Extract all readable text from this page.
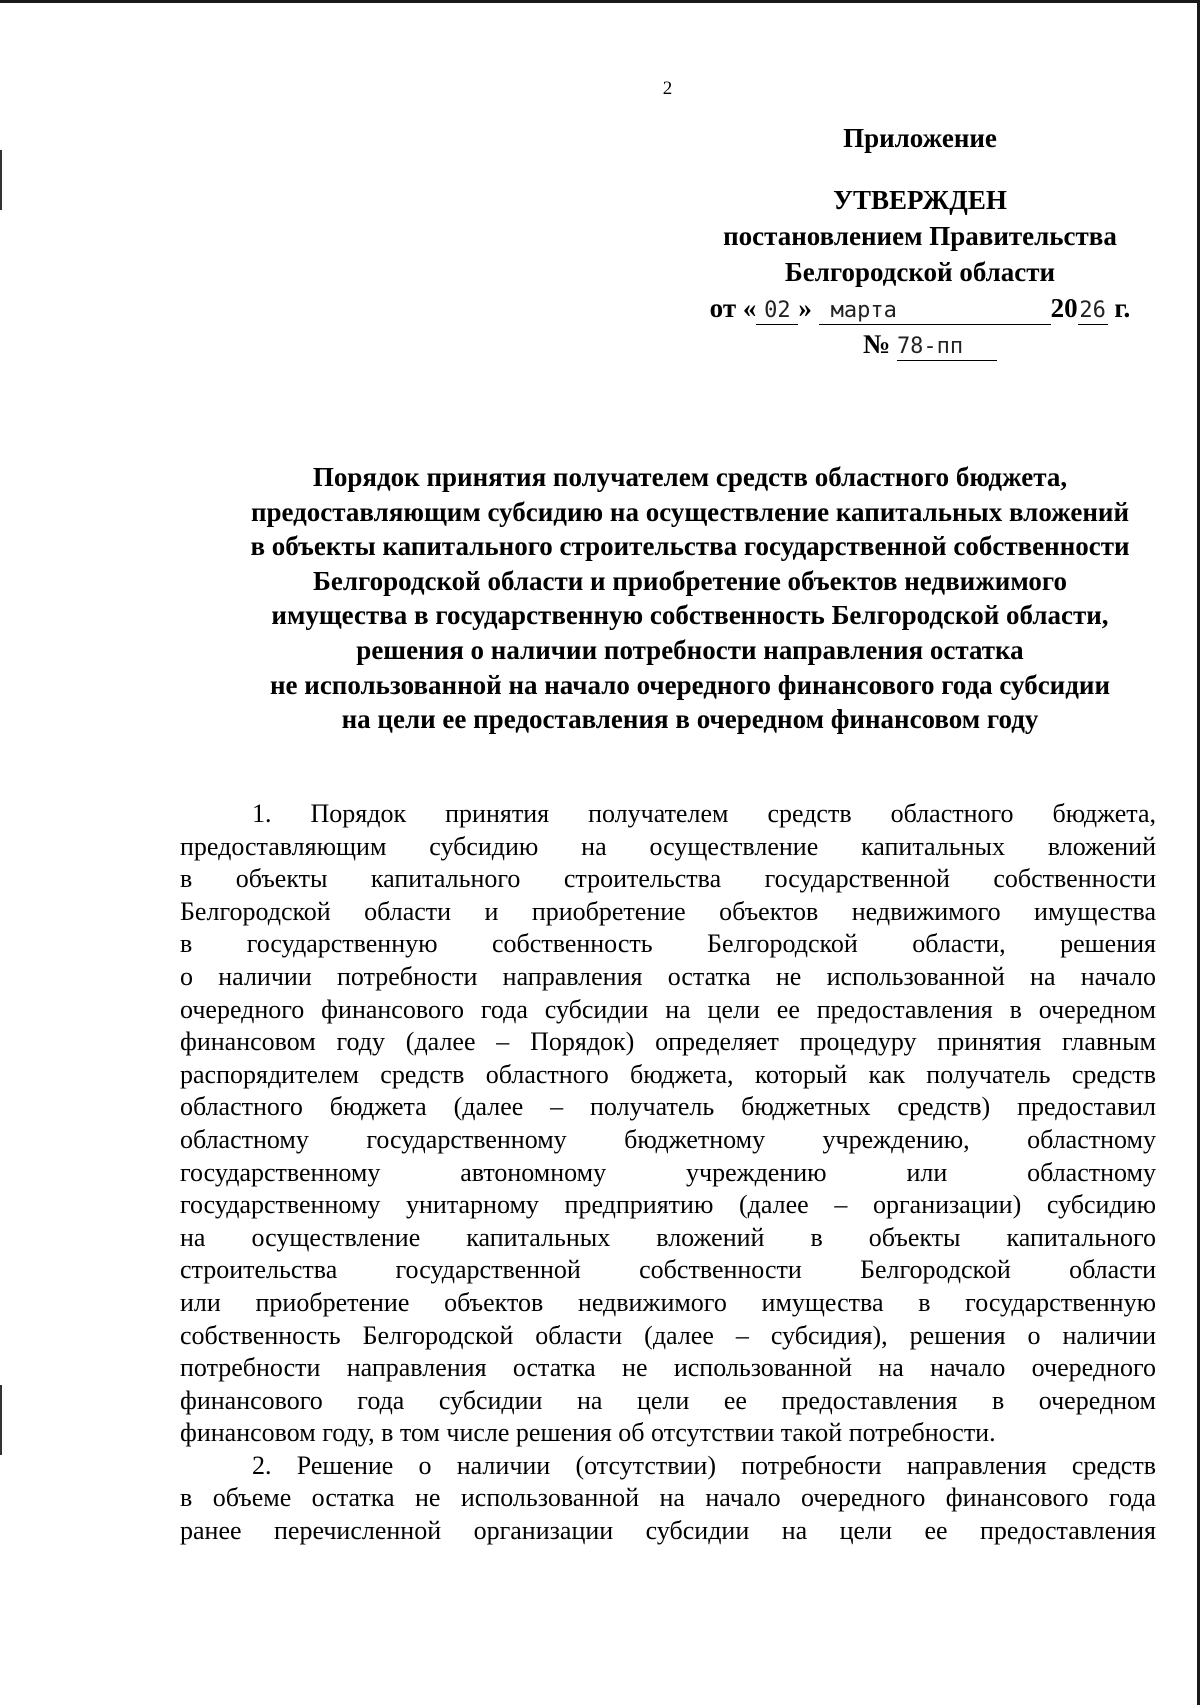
2
Приложение
УТВЕРЖДЕН
постановлением Правительства
Белгородской области
от « 02 » марта	2026 г.
№ 78-пп
Порядок принятия получателем средств областного бюджета,
предоставляющим субсидию на осуществление капитальных вложений
в объекты капитального строительства государственной собственности
Белгородской области и приобретение объектов недвижимого
имущества в государственную собственность Белгородской области,
решения о наличии потребности направления остатка
не использованной на начало очередного финансового года субсидии
на цели ее предоставления в очередном финансовом году

1. Порядок принятия получателем средств областного бюджета,

предоставляющим субсидию на осуществление капитальных вложений

в объекты капитального строительства государственной собственности

Белгородской области и приобретение объектов недвижимого имущества

в государственную собственность Белгородской области, решения

о наличии потребности направления остатка не использованной на начало

очередного финансового года субсидии на цели ее предоставления в очередном

финансовом году (далее – Порядок) определяет процедуру принятия главным

распорядителем средств областного бюджета, который как получатель средств

областного бюджета (далее – получатель бюджетных средств) предоставил

областному государственному бюджетному учреждению, областному

государственному автономному учреждению или областному

государственному унитарному предприятию (далее – организации) субсидию

на осуществление капитальных вложений в объекты капитального

строительства государственной собственности Белгородской области

или приобретение объектов недвижимого имущества в государственную

собственность Белгородской области (далее – субсидия), решения о наличии

потребности направления остатка не использованной на начало очередного

финансового года субсидии на цели ее предоставления в очередном

финансовом году, в том числе решения об отсутствии такой потребности.

2. Решение о наличии (отсутствии) потребности направления средств

в объеме остатка не использованной на начало очередного финансового года

ранее перечисленной организации субсидии на цели ее предоставления
